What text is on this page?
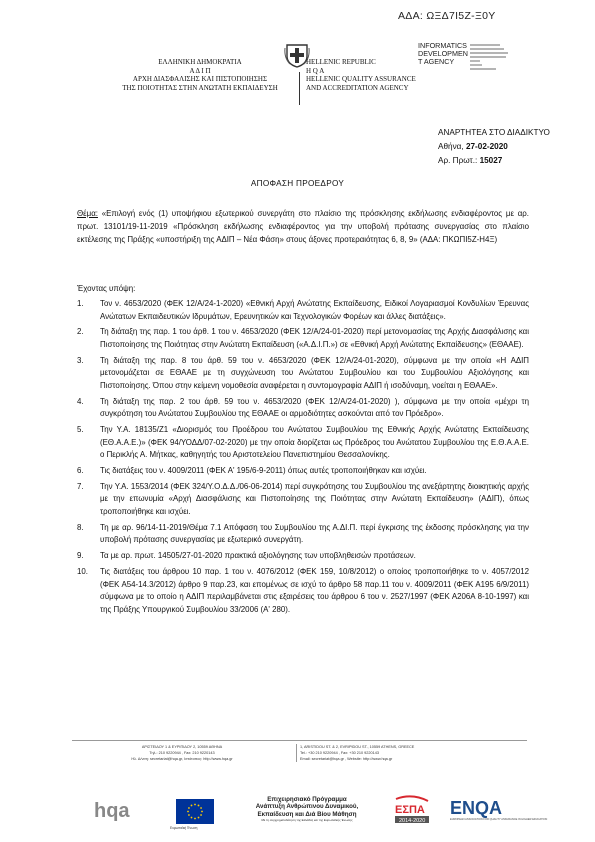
ΑΔΑ: ΩΞΔ7Ι5Ζ-Ξ0Υ
ΕΛΛΗΝΙΚΗ ΔΗΜΟΚΡΑΤΙΑ
Α Δ Ι Π
ΑΡΧΗ ΔΙΑΣΦΑΛΙΣΗΣ ΚΑΙ ΠΙΣΤΟΠΟΙΗΣΗΣ
ΤΗΣ ΠΟΙΟΤΗΤΑΣ ΣΤΗΝ ΑΝΩΤΑΤΗ ΕΚΠΑΙΔΕΥΣΗ
HELLENIC REPUBLIC
H Q A
HELLENIC QUALITY ASSURANCE
AND ACCREDITATION AGENCY
INFORMATICS
DEVELOPMEN
T AGENCY
ΑΝΑΡΤΗΤΕΑ ΣΤΟ ΔΙΑΔΙΚΤΥΟ
Αθήνα, 27-02-2020
Αρ. Πρωτ.: 15027
ΑΠΟΦΑΣΗ ΠΡΟΕΔΡΟΥ

Θέμα: «Επιλογή ενός (1) υποψήφιου εξωτερικού συνεργάτη στο πλαίσιο της πρόσκλησης εκδήλωσης ενδιαφέροντος με αρ. πρωτ. 13101/19-11-2019 «Πρόσκληση εκδήλωσης ενδιαφέροντος για την υποβολή πρότασης συνεργασίας στο πλαίσιο εκτέλεσης της Πράξης «υποστήριξη της ΑΔΙΠ – Νέα Φάση» στους άξονες προτεραιότητας 6, 8, 9» (ΑΔΑ: ΠΚΩΠΙ5Ζ-Η4Ξ)

Έχοντας υπόψη:
1. Τον ν. 4653/2020 (ΦΕΚ 12/Α/24-1-2020) «Εθνική Αρχή Ανώτατης Εκπαίδευσης, Ειδικοί Λογαριασμοί Κονδυλίων Έρευνας Ανώτατων Εκπαιδευτικών Ιδρυμάτων, Ερευνητικών και Τεχνολογικών Φορέων και άλλες διατάξεις».
2. Τη διάταξη της παρ. 1 του άρθ. 1 του ν. 4653/2020 (ΦΕΚ 12/Α/24-01-2020) περί μετονομασίας της Αρχής Διασφάλισης και Πιστοποίησης της Ποιότητας στην Ανώτατη Εκπαίδευση («Α.Δ.Ι.Π.») σε «Εθνική Αρχή Ανώτατης Εκπαίδευσης» (ΕΘΑΑΕ).
3. Τη διάταξη της παρ. 8 του άρθ. 59 του ν. 4653/2020 (ΦΕΚ 12/Α/24-01-2020), σύμφωνα με την οποία «Η ΑΔΙΠ μετονομάζεται σε ΕΘΑΑΕ με τη συγχώνευση του Ανώτατου Συμβουλίου και του Συμβουλίου Αξιολόγησης και Πιστοποίησης. Όπου στην κείμενη νομοθεσία αναφέρεται η συντομογραφία ΑΔΙΠ ή ισοδύναμη, νοείται η ΕΘΑΑΕ».
4. Τη διάταξη της παρ. 2 του άρθ. 59 του ν. 4653/2020 (ΦΕΚ 12/Α/24-01-2020) ), σύμφωνα με την οποία «μέχρι τη συγκρότηση του Ανώτατου Συμβουλίου της ΕΘΑΑΕ οι αρμοδιότητες ασκούνται από τον Πρόεδρο».
5. Την Υ.Α. 18135/Ζ1 «Διορισμός του Προέδρου του Ανώτατου Συμβουλίου της Εθνικής Αρχής Ανώτατης Εκπαίδευσης (ΕΘ.Α.Α.Ε.)» (ΦΕΚ 94/ΥΟΔΔ/07-02-2020) με την οποία διορίζεται ως Πρόεδρος του Ανώτατου Συμβουλίου της Ε.Θ.Α.Α.Ε. ο Περικλής Α. Μήτκας, καθηγητής του Αριστοτελείου Πανεπιστημίου Θεσσαλονίκης.
6. Τις διατάξεις του ν. 4009/2011 (ΦΕΚ Α' 195/6-9-2011) όπως αυτές τροποποιήθηκαν και ισχύει.
7. Την Υ.Α. 1553/2014 (ΦΕΚ 324/Υ.Ο.Δ.Δ./06-06-2014) περί συγκρότησης του Συμβουλίου της ανεξάρτητης διοικητικής αρχής με την επωνυμία «Αρχή Διασφάλισης και Πιστοποίησης της Ποιότητας στην Ανώτατη Εκπαίδευση» (ΑΔΙΠ), όπως τροποποιήθηκε και ισχύει.
8. Τη με αρ. 96/14-11-2019/Θέμα 7.1 Απόφαση του Συμβουλίου της Α.ΔΙ.Π. περί έγκρισης της έκδοσης πρόσκλησης για την υποβολή πρότασης συνεργασίας με εξωτερικό συνεργάτη.
9. Τα με αρ. πρωτ. 14505/27-01-2020 πρακτικά αξιολόγησης των υποβληθεισών προτάσεων.
10. Τις διατάξεις του άρθρου 10 παρ. 1 του ν. 4076/2012 (ΦΕΚ 159, 10/8/2012) ο οποίος τροποποιήθηκε το ν. 4057/2012 (ΦΕΚ Α54-14.3/2012) άρθρο 9 παρ.23, και επομένως σε ισχύ το άρθρο 58 παρ.11 του ν. 4009/2011 (ΦΕΚ Α195 6/9/2011) σύμφωνα με το οποίο η ΑΔΙΠ περιλαμβάνεται στις εξαιρέσεις του άρθρου 6 του ν. 2527/1997 (ΦΕΚ Α206Α 8-10-1997) και της Πράξης Υπουργικού Συμβουλίου 33/2006 (Α' 280).
ΑΡΙΣΤΕΙΔΟΥ 1 & ΕΥΡΙΠΙΔΟΥ 2, 10559 ΑΘΗΝΑ
Τηλ.: 210 9220944 , Fax: 210 9220143
Ηλ. Δ/νση: secretariat@hqa.gr, Ιστότοπος: http://www.hqa.gr
1, ARISTIDOU ST. & 2, EVRIPIDOU ST., 10559 ATHENS, GREECE
Tel.: +30 210 9220944 , Fax: +30 210 9220143
Email: secretariat@hqa.gr , Website: http://www.hqa.gr
hqa
Ευρωπαϊκή Ένωση
Επιχειρησιακό Πρόγραμμα
Ανάπτυξη Ανθρώπινου Δυναμικού,
Εκπαίδευση και Διά Βίου Μάθηση
Με τη συγχρηματοδότηση της Ελλάδας και της Ευρωπαϊκής Ένωσης
ΕΣΠΑ
2014-2020
ENQA
EUROPEAN ASSOCIATION FOR QUALITY ASSURANCE IN HIGHER EDUCATION
